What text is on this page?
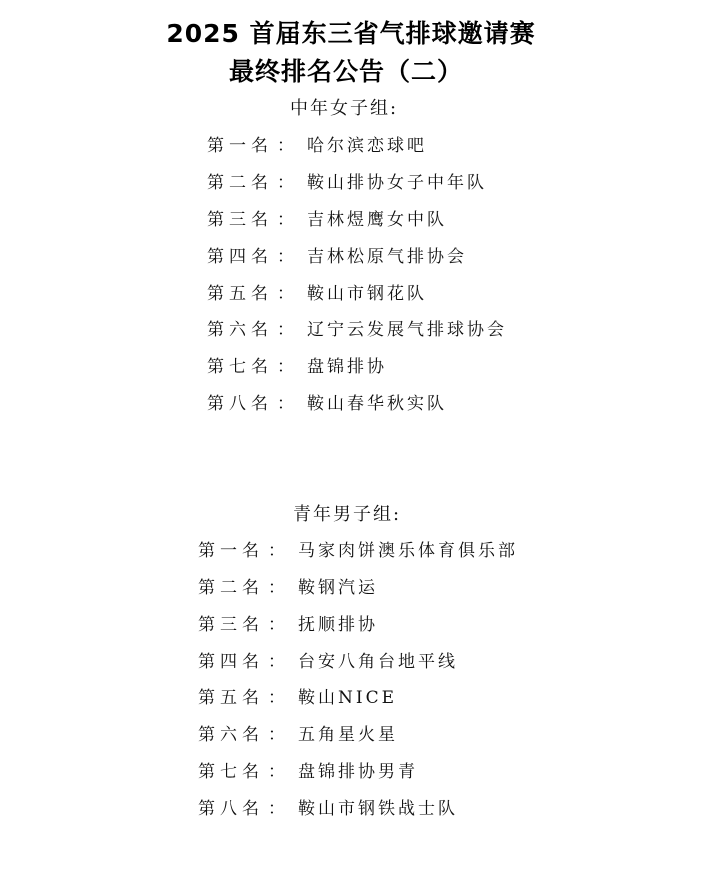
2025 首届东三省气排球邀请赛
最终排名公告（二）
中年女子组:
第一名 ： 哈尔滨恋球吧
第二名 ： 鞍山排协女子中年队
第三名 ： 吉林煜鹰女中队
第四名 ： 吉林松原气排协会
第五名 ： 鞍山市钢花队
第六名 ： 辽宁云发展气排球协会
第七名 ： 盘锦排协
第八名 ： 鞍山春华秋实队
青年男子组:
第一名 ： 马家肉饼澳乐体育俱乐部
第二名 ： 鞍钢汽运
第三名 ： 抚顺排协
第四名 ： 台安八角台地平线
第五名 ： 鞍山NICE
第六名 ： 五角星火星
第七名 ： 盘锦排协男青
第八名 ： 鞍山市钢铁战士队
